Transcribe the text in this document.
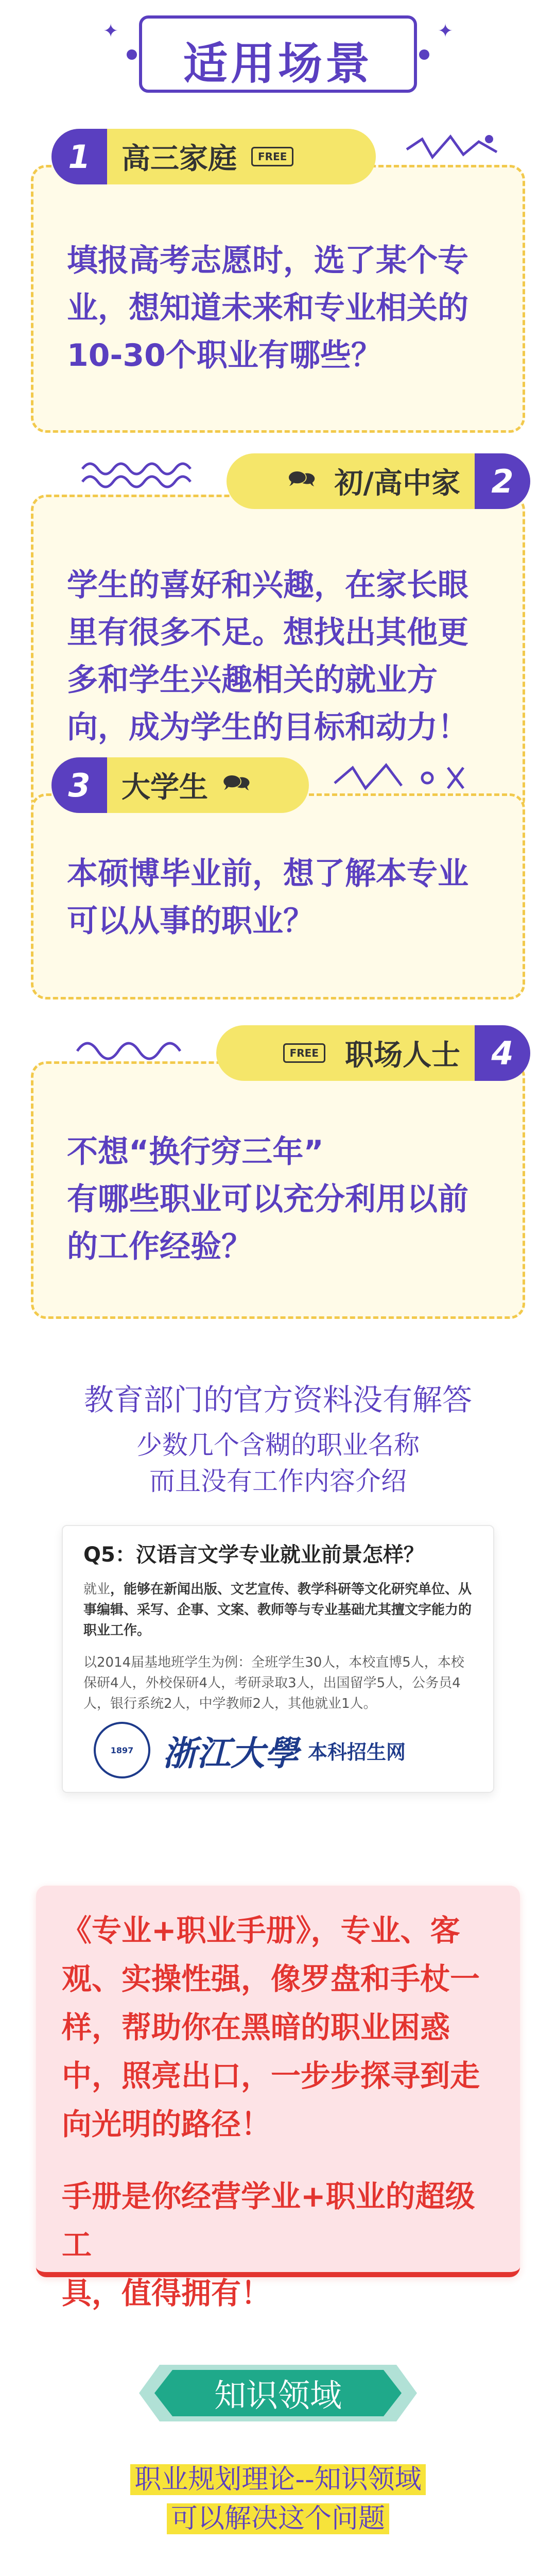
适用场景
✦	✦
1	高三家庭	FREE
填报高考志愿时，选了某个专
业，想知道未来和专业相关的
10-30个职业有哪些？
🗪 初/高中家 2
学生的喜好和兴趣，在家长眼
里有很多不足。想找出其他更
多和学生兴趣相关的就业方
向，成为学生的目标和动力！
3	大学生 🗪
本硕博毕业前，想了解本专业
可以从事的职业？
FREE 职场人士 4
不想“换行穷三年”
有哪些职业可以充分利用以前
的工作经验？
教育部门的官方资料没有解答
少数几个含糊的职业名称
而且没有工作内容介绍
Q5：汉语言文学专业就业前景怎样？
就业，能够在新闻出版、文艺宣传、教学科研等文化研究单位、从事编辑、采写、企事、文案、教师等与专业基础尤其擅文字能力的职业工作。
以2014届基地班学生为例：全班学生30人，本校直博5人，本校保研4人，外校保研4人，考研录取3人，出国留学5人，公务员4人，银行系统2人，中学教师2人，其他就业1人。
1897 浙江大學 本科招生网
《专业+职业手册》，专业、客
观、实操性强，像罗盘和手杖一
样，帮助你在黑暗的职业困惑
中，照亮出口，一步步探寻到走
向光明的路径！
手册是你经营学业+职业的超级工
具，值得拥有！
知识领域
职业规划理论--知识领域
可以解决这个问题
